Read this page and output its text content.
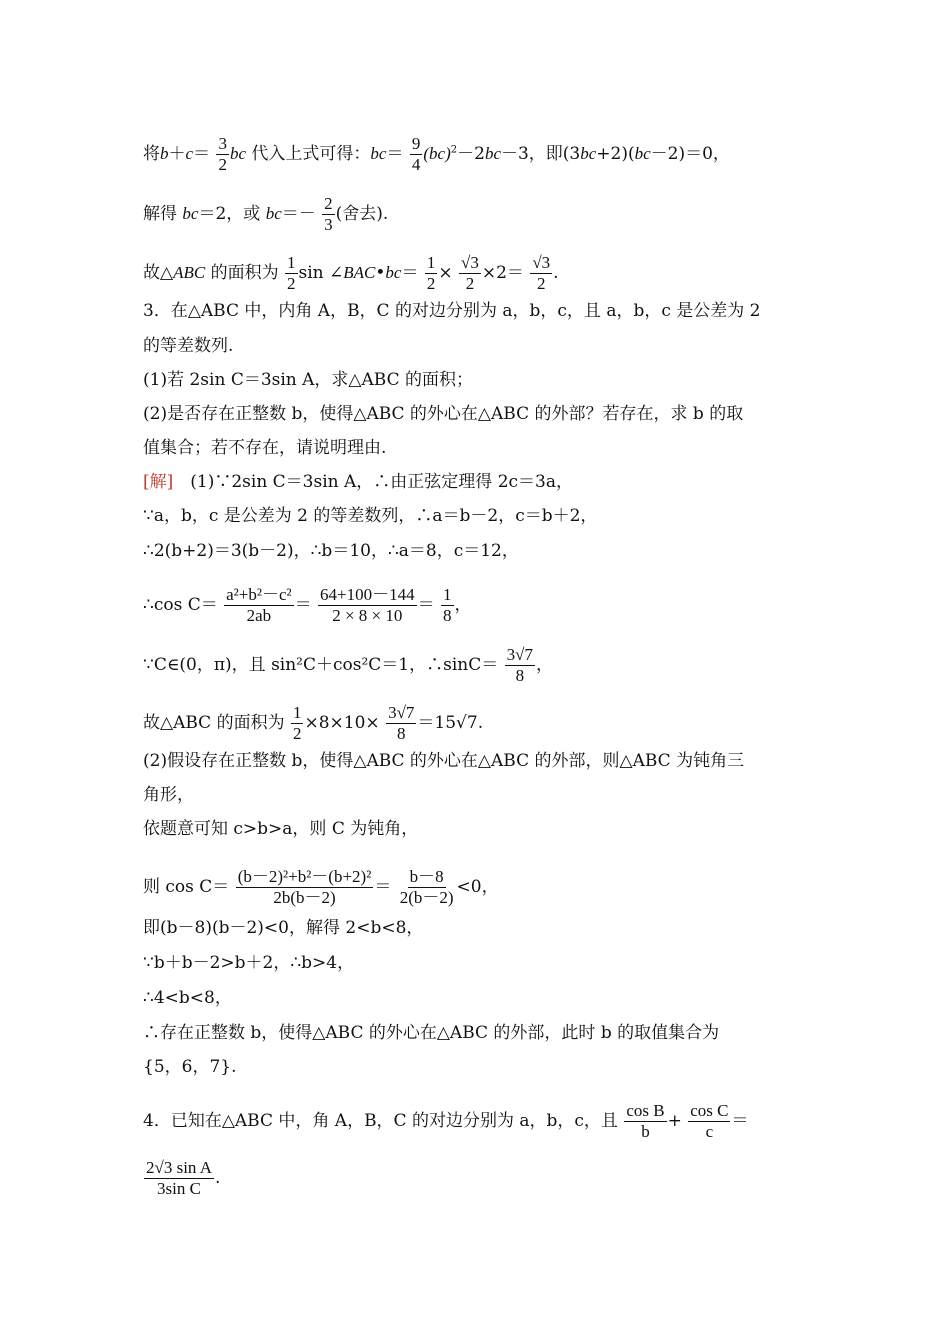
将$b+c= \frac{3}{2}$ bc 代入上式可得：$bc= \frac{9}{4} (bc)^2-2bc-3$，即(3bc+2)(bc－2)＝0，
解得 bc＝2，或 $bc=- \frac{2}{3}$ (舍去).
故△ABC 的面积为 $\frac{1}{2}$ sin ∠BAC•bc＝ $\frac{1}{2} \times \frac{√3}{2} \times 2= \frac{√3}{2}$ .
3．在△ABC 中，内角 A，B，C 的对边分别为 a，b，c，且 a，b，c 是公差为 2
的等差数列.
(1)若 2sin C＝3sin A，求△ABC 的面积；
(2)是否存在正整数 b，使得△ABC 的外心在△ABC 的外部？若存在，求 b 的取
值集合；若不存在，请说明理由.
[解]　(1)∵2sin C＝3sin A，∴由正弦定理得 2c＝3a，
∵a，b，c 是公差为 2 的等差数列，∴a＝b－2，c＝b＋2，
∴2(b+2)＝3(b－2)，∴b＝10，∴a＝8，c＝12，
∴cos $C= \frac{\text{a²+b²－c²}}{2ab} = \frac{64+100-144}{2 \times 8 \times 10} = \frac{1}{8}$ ，
∵C∈(0，π)，且 sin²C＋cos²C＝1，∴sinC＝ $\frac{3√7}{8}$ ，
故△ABC 的面积为 $\frac{1}{2} \times 8\times 10\times \frac{3√7}{8} =15√7$.
(2)假设存在正整数 b，使得△ABC 的外心在△ABC 的外部，则△ABC 为钝角三
角形，
依题意可知 c>b>a，则 C 为钝角，
则 $\cos C= \frac{\text{(b－2)²+b²－(b+2)²}}{2b(b-2)} = \frac{b-8}{2(b-2)} <0$，
即(b－8)(b－2)<0，解得 2<b<8，
∵b＋b－2>b＋2，∴b>4，
∴4<b<8，
∴存在正整数 b，使得△ABC 的外心在△ABC 的外部，此时 b 的取值集合为
{5，6，7}.
4．已知在△ABC 中，角 A，B，C 的对边分别为 a，b，c，且 $\frac{\text{cos B}}{b} + \frac{\text{cos C}}{c}$ ＝
$\frac{\text{2√3 sin A}}{\text{3sin C}}$ .
